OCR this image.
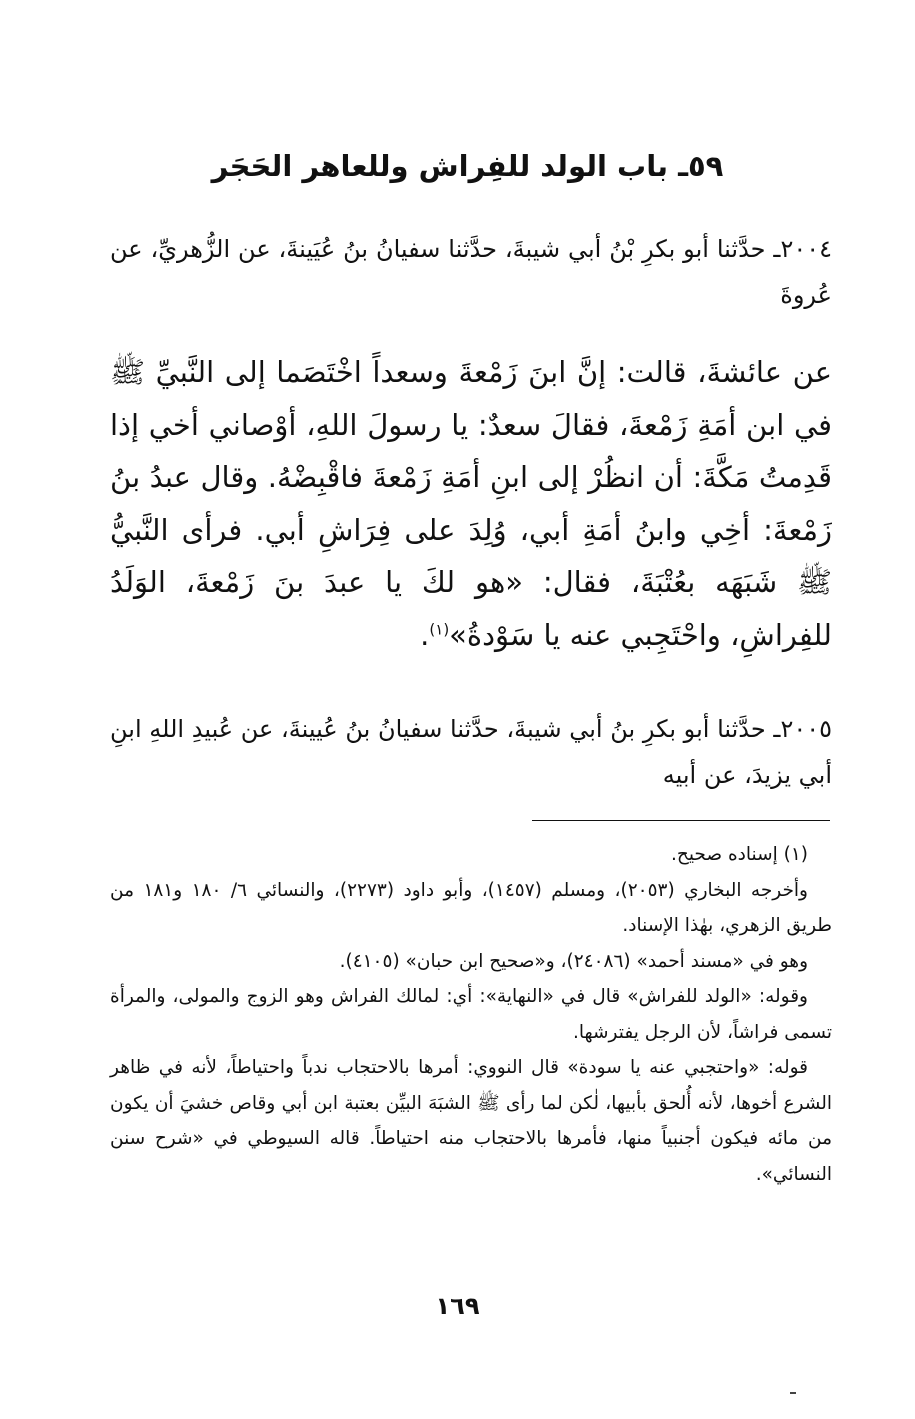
٥٩ـ باب الولد للفِراش وللعاهر الحَجَر

٢٠٠٤ـ حدَّثنا أبو بكرِ بْنُ أبي شيبةَ، حدَّثنا سفيانُ بنُ عُيَينةَ، عن الزُّهريِّ، عن عُروةَ

عن عائشةَ، قالت: إنَّ ابنَ زَمْعةَ وسعداً اخْتَصَما إلى النَّبيِّ ﷺ في ابن أمَةِ زَمْعةَ، فقالَ سعدٌ: يا رسولَ اللهِ، أوْصاني أخي إذا قَدِمتُ مَكَّةَ: أن انظُرْ إلى ابنِ أمَةِ زَمْعةَ فاقْبِضْهُ. وقال عبدُ بنُ زَمْعةَ: أخِي وابنُ أمَةِ أبي، وُلِدَ على فِرَاشِ أبي. فرأى النَّبيُّ ﷺ شَبَهَه بعُتْبَةَ، فقال: «هو لكَ يا عبدَ بنَ زَمْعةَ، الوَلَدُ للفِراشِ، واحْتَجِبي عنه يا سَوْدةُ»$^{(١)}$.

٢٠٠٥ـ حدَّثنا أبو بكرِ بنُ أبي شيبةَ، حدَّثنا سفيانُ بنُ عُيينةَ، عن عُبيدِ اللهِ ابنِ أبي يزيدَ، عن أبيه

(١) إسناده صحيح.

وأخرجه البخاري (٢٠٥٣)، ومسلم (١٤٥٧)، وأبو داود (٢٢٧٣)، والنسائي ٦/ ١٨٠ و١٨١ من طريق الزهري، بهٰذا الإسناد.

وهو في «مسند أحمد» (٢٤٠٨٦)، و«صحيح ابن حبان» (٤١٠٥).

وقوله: «الولد للفراش» قال في «النهاية»: أي: لمالك الفراش وهو الزوج والمولى، والمرأة تسمى فراشاً، لأن الرجل يفترشها.

قوله: «واحتجبي عنه يا سودة» قال النووي: أمرها بالاحتجاب ندباً واحتياطاً، لأنه في ظاهر الشرع أخوها، لأنه أُلحق بأبيها، لٰكن لما رأى ﷺ الشبَهَ البيِّن بعتبة ابن أبي وقاص خشيَ أن يكون من مائه فيكون أجنبياً منها، فأمرها بالاحتجاب منه احتياطاً. قاله السيوطي في «شرح سنن النسائي».

١٦٩
